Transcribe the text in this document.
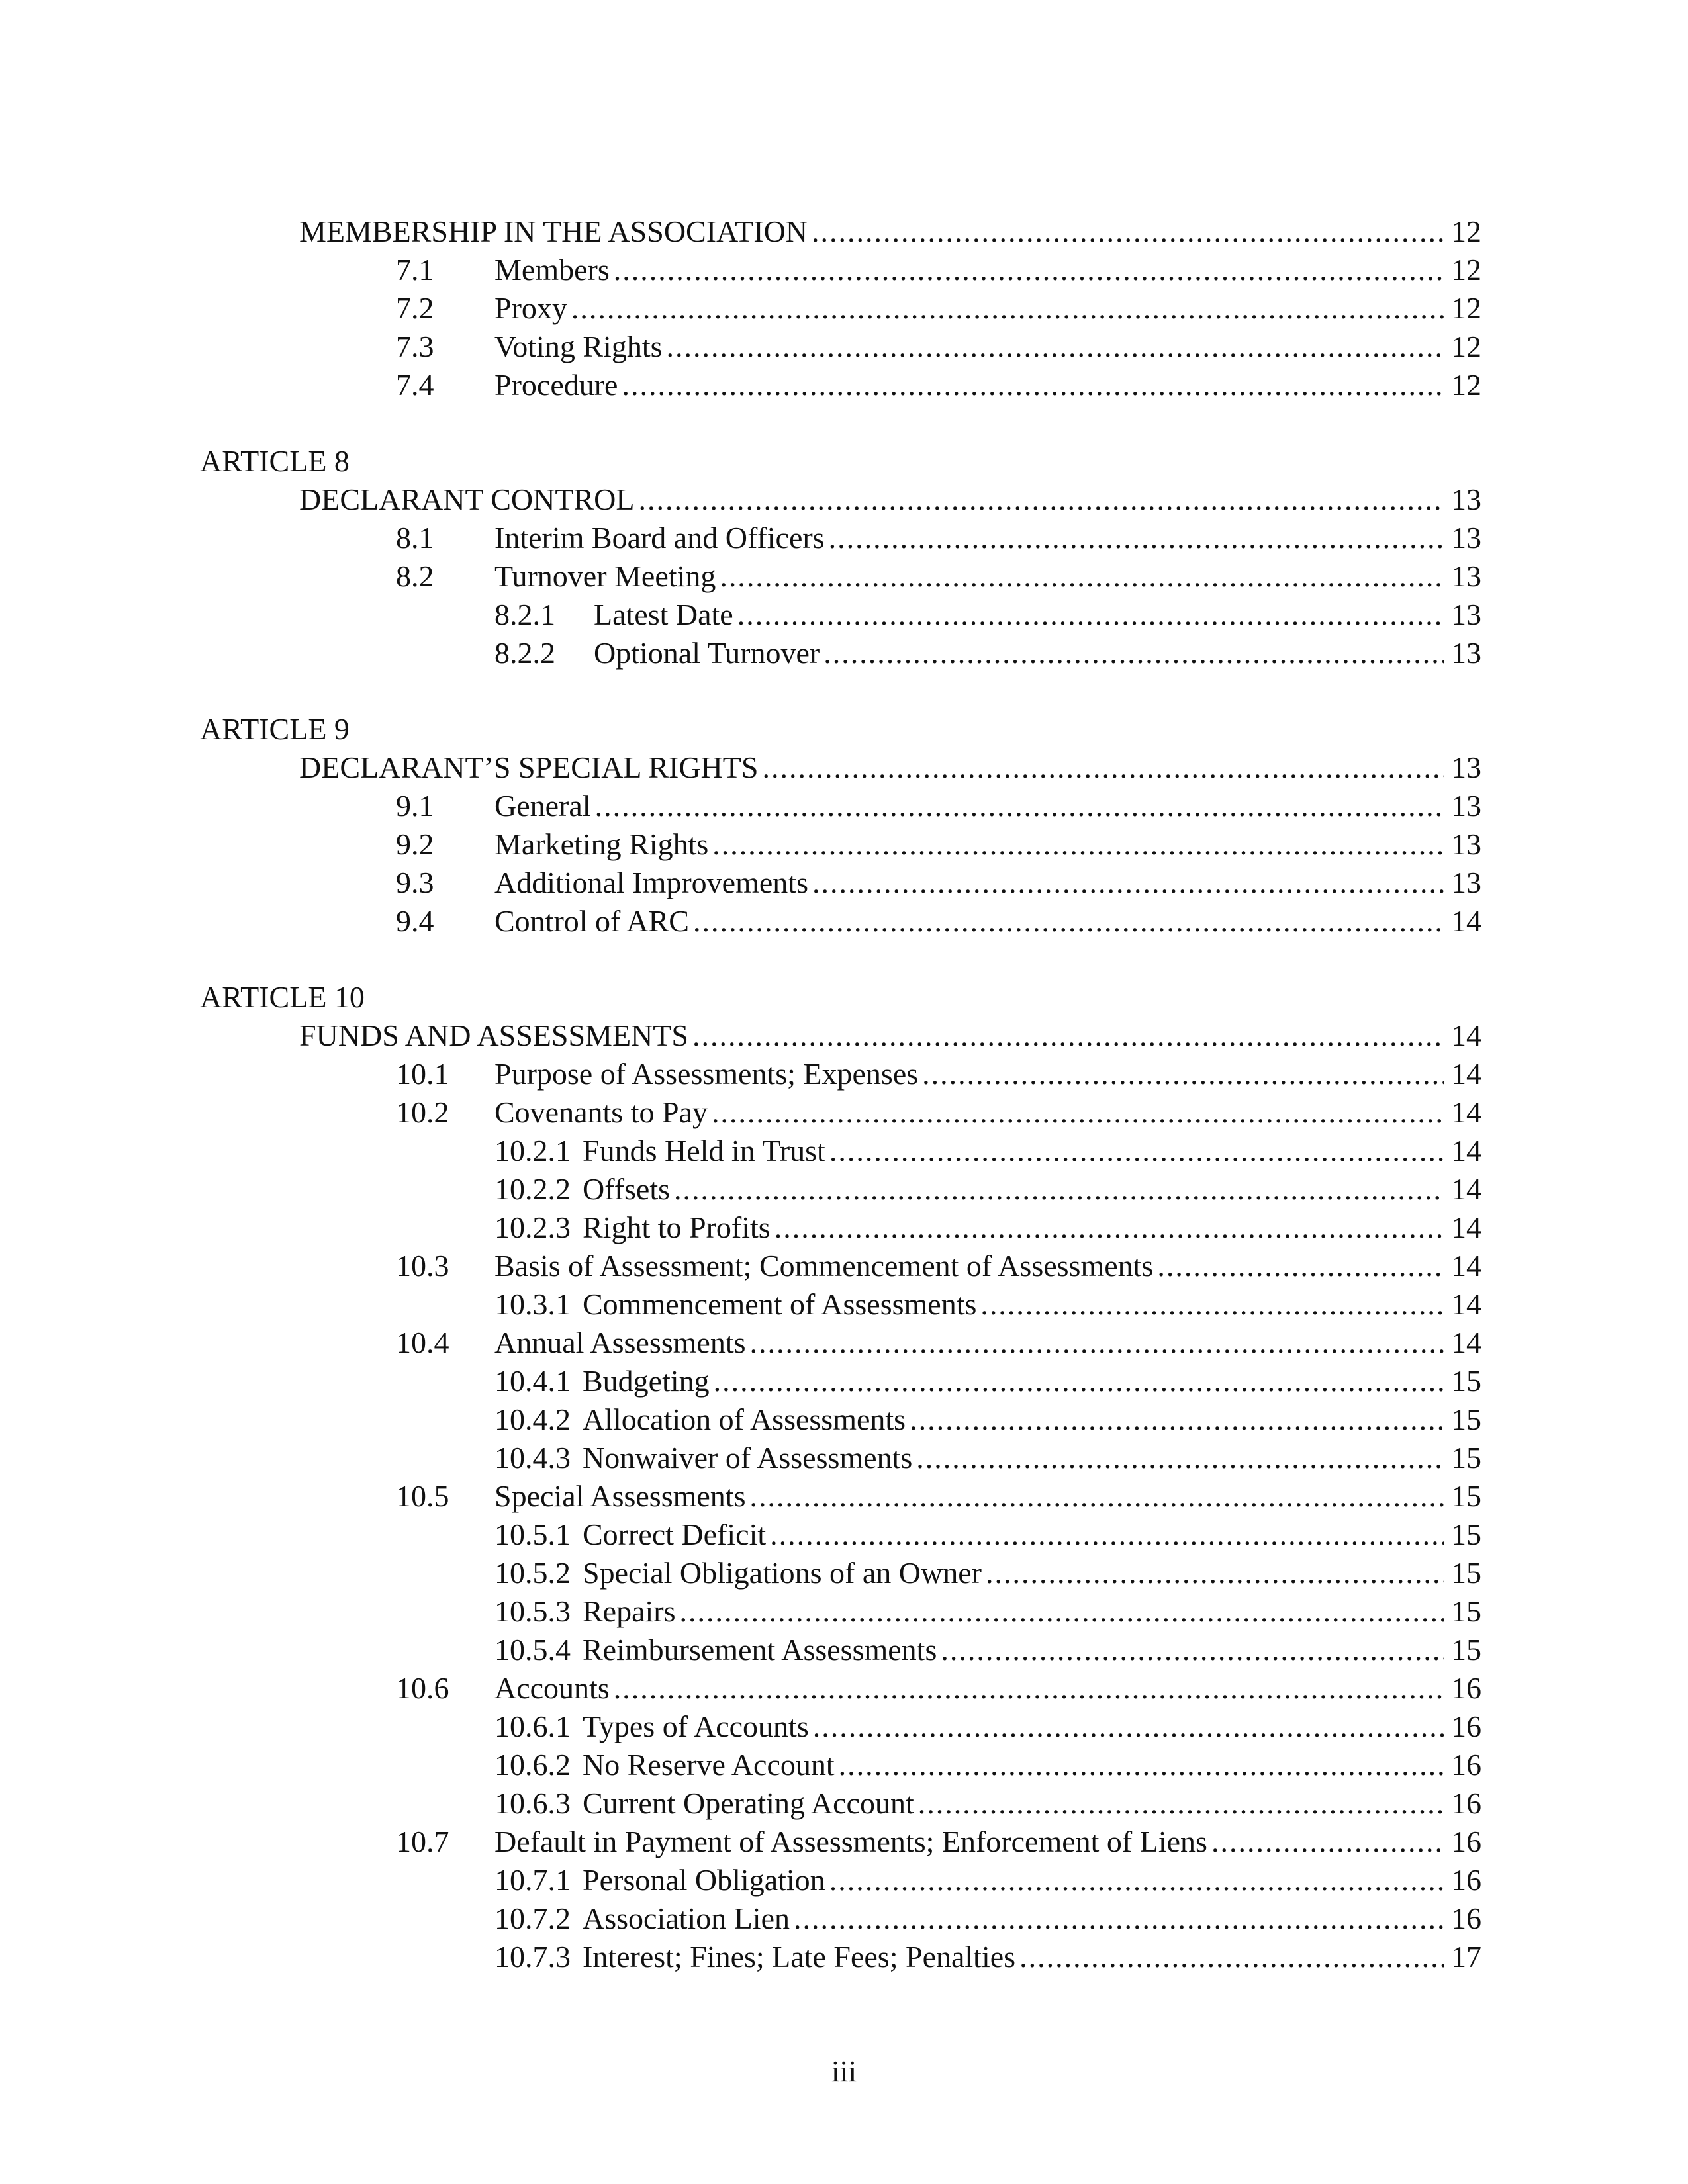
MEMBERSHIP IN THE ASSOCIATION .....	12
7.1 Members .....	12
7.2 Proxy .....	12
7.3 Voting Rights .....	12
7.4 Procedure .....	12
ARTICLE 8
DECLARANT CONTROL .....	13
8.1 Interim Board and Officers .....	13
8.2 Turnover Meeting .....	13
8.2.1 Latest Date .....	13
8.2.2 Optional Turnover .....	13
ARTICLE 9
DECLARANT’S SPECIAL RIGHTS .....	13
9.1 General .....	13
9.2 Marketing Rights .....	13
9.3 Additional Improvements .....	13
9.4 Control of ARC .....	14
ARTICLE 10
FUNDS AND ASSESSMENTS .....	14
10.1 Purpose of Assessments; Expenses .....	14
10.2 Covenants to Pay .....	14
10.2.1 Funds Held in Trust .....	14
10.2.2 Offsets .....	14
10.2.3 Right to Profits .....	14
10.3 Basis of Assessment; Commencement of Assessments .....	14
10.3.1 Commencement of Assessments .....	14
10.4 Annual Assessments .....	14
10.4.1 Budgeting .....	15
10.4.2 Allocation of Assessments .....	15
10.4.3 Nonwaiver of Assessments .....	15
10.5 Special Assessments .....	15
10.5.1 Correct Deficit .....	15
10.5.2 Special Obligations of an Owner .....	15
10.5.3 Repairs .....	15
10.5.4 Reimbursement Assessments .....	15
10.6 Accounts .....	16
10.6.1 Types of Accounts .....	16
10.6.2 No Reserve Account .....	16
10.6.3 Current Operating Account .....	16
10.7 Default in Payment of Assessments; Enforcement of Liens .....	16
10.7.1 Personal Obligation .....	16
10.7.2 Association Lien .....	16
10.7.3 Interest; Fines; Late Fees; Penalties .....	17
iii
